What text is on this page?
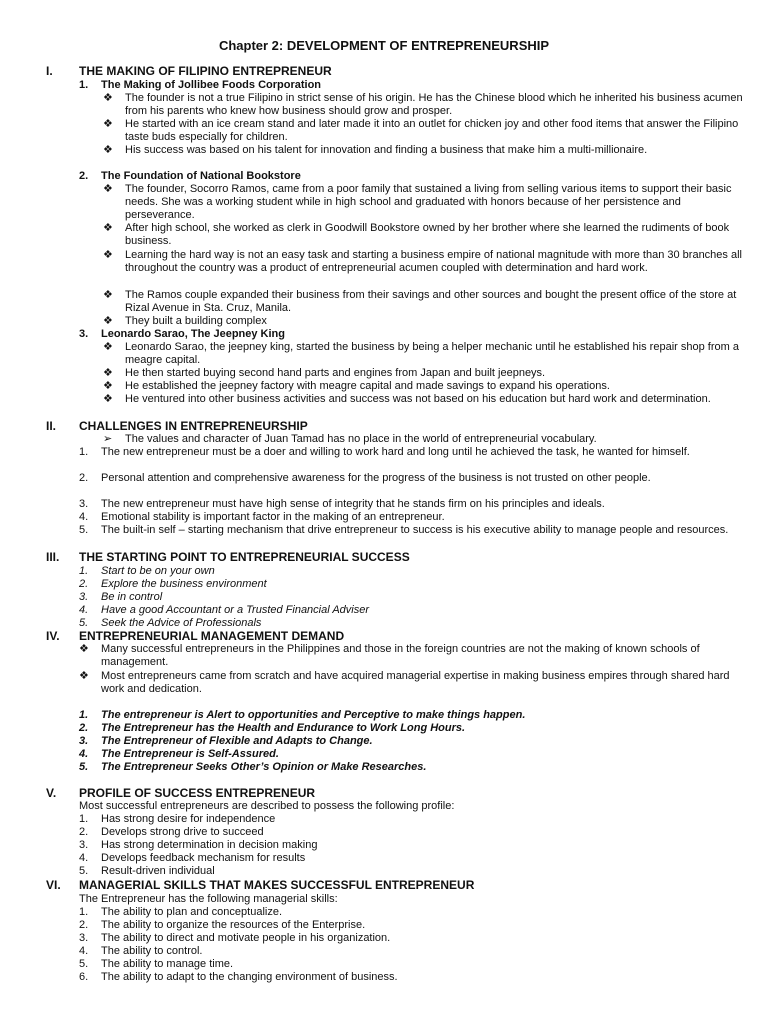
Chapter 2: DEVELOPMENT OF ENTREPRENEURSHIP
I. THE MAKING OF FILIPINO ENTREPRENEUR
1. The Making of Jollibee Foods Corporation
❖ The founder is not a true Filipino in strict sense of his origin. He has the Chinese blood which he inherited his business acumen from his parents who knew how business should grow and prosper.
❖ He started with an ice cream stand and later made it into an outlet for chicken joy and other food items that answer the Filipino taste buds especially for children.
❖ His success was based on his talent for innovation and finding a business that make him a multi-millionaire.
2. The Foundation of National Bookstore
❖ The founder, Socorro Ramos, came from a poor family that sustained a living from selling various items to support their basic needs. She was a working student while in high school and graduated with honors because of her persistence and perseverance.
❖ After high school, she worked as clerk in Goodwill Bookstore owned by her brother where she learned the rudiments of book business.
❖ Learning the hard way is not an easy task and starting a business empire of national magnitude with more than 30 branches all throughout the country was a product of entrepreneurial acumen coupled with determination and hard work.
❖ The Ramos couple expanded their business from their savings and other sources and bought the present office of the store at Rizal Avenue in Sta. Cruz, Manila.
❖ They built a building complex
3. Leonardo Sarao, The Jeepney King
❖ Leonardo Sarao, the jeepney king, started the business by being a helper mechanic until he established his repair shop from a meagre capital.
❖ He then started buying second hand parts and engines from Japan and built jeepneys.
❖ He established the jeepney factory with meagre capital and made savings to expand his operations.
❖ He ventured into other business activities and success was not based on his education but hard work and determination.
II. CHALLENGES IN ENTREPRENEURSHIP
➢ The values and character of Juan Tamad has no place in the world of entrepreneurial vocabulary.
1. The new entrepreneur must be a doer and willing to work hard and long until he achieved the task, he wanted for himself.
2. Personal attention and comprehensive awareness for the progress of the business is not trusted on other people.
3. The new entrepreneur must have high sense of integrity that he stands firm on his principles and ideals.
4. Emotional stability is important factor in the making of an entrepreneur.
5. The built-in self – starting mechanism that drive entrepreneur to success is his executive ability to manage people and resources.
III. THE STARTING POINT TO ENTREPRENEURIAL SUCCESS
1. Start to be on your own
2. Explore the business environment
3. Be in control
4. Have a good Accountant or a Trusted Financial Adviser
5. Seek the Advice of Professionals
IV. ENTREPRENEURIAL MANAGEMENT DEMAND
❖ Many successful entrepreneurs in the Philippines and those in the foreign countries are not the making of known schools of management.
❖ Most entrepreneurs came from scratch and have acquired managerial expertise in making business empires through shared hard work and dedication.
1. The entrepreneur is Alert to opportunities and Perceptive to make things happen.
2. The Entrepreneur has the Health and Endurance to Work Long Hours.
3. The Entrepreneur of Flexible and Adapts to Change.
4. The Entrepreneur is Self-Assured.
5. The Entrepreneur Seeks Other’s Opinion or Make Researches.
V. PROFILE OF SUCCESS ENTREPRENEUR
Most successful entrepreneurs are described to possess the following profile:
1. Has strong desire for independence
2. Develops strong drive to succeed
3. Has strong determination in decision making
4. Develops feedback mechanism for results
5. Result-driven individual
VI. MANAGERIAL SKILLS THAT MAKES SUCCESSFUL ENTREPRENEUR
The Entrepreneur has the following managerial skills:
1. The ability to plan and conceptualize.
2. The ability to organize the resources of the Enterprise.
3. The ability to direct and motivate people in his organization.
4. The ability to control.
5. The ability to manage time.
6. The ability to adapt to the changing environment of business.
